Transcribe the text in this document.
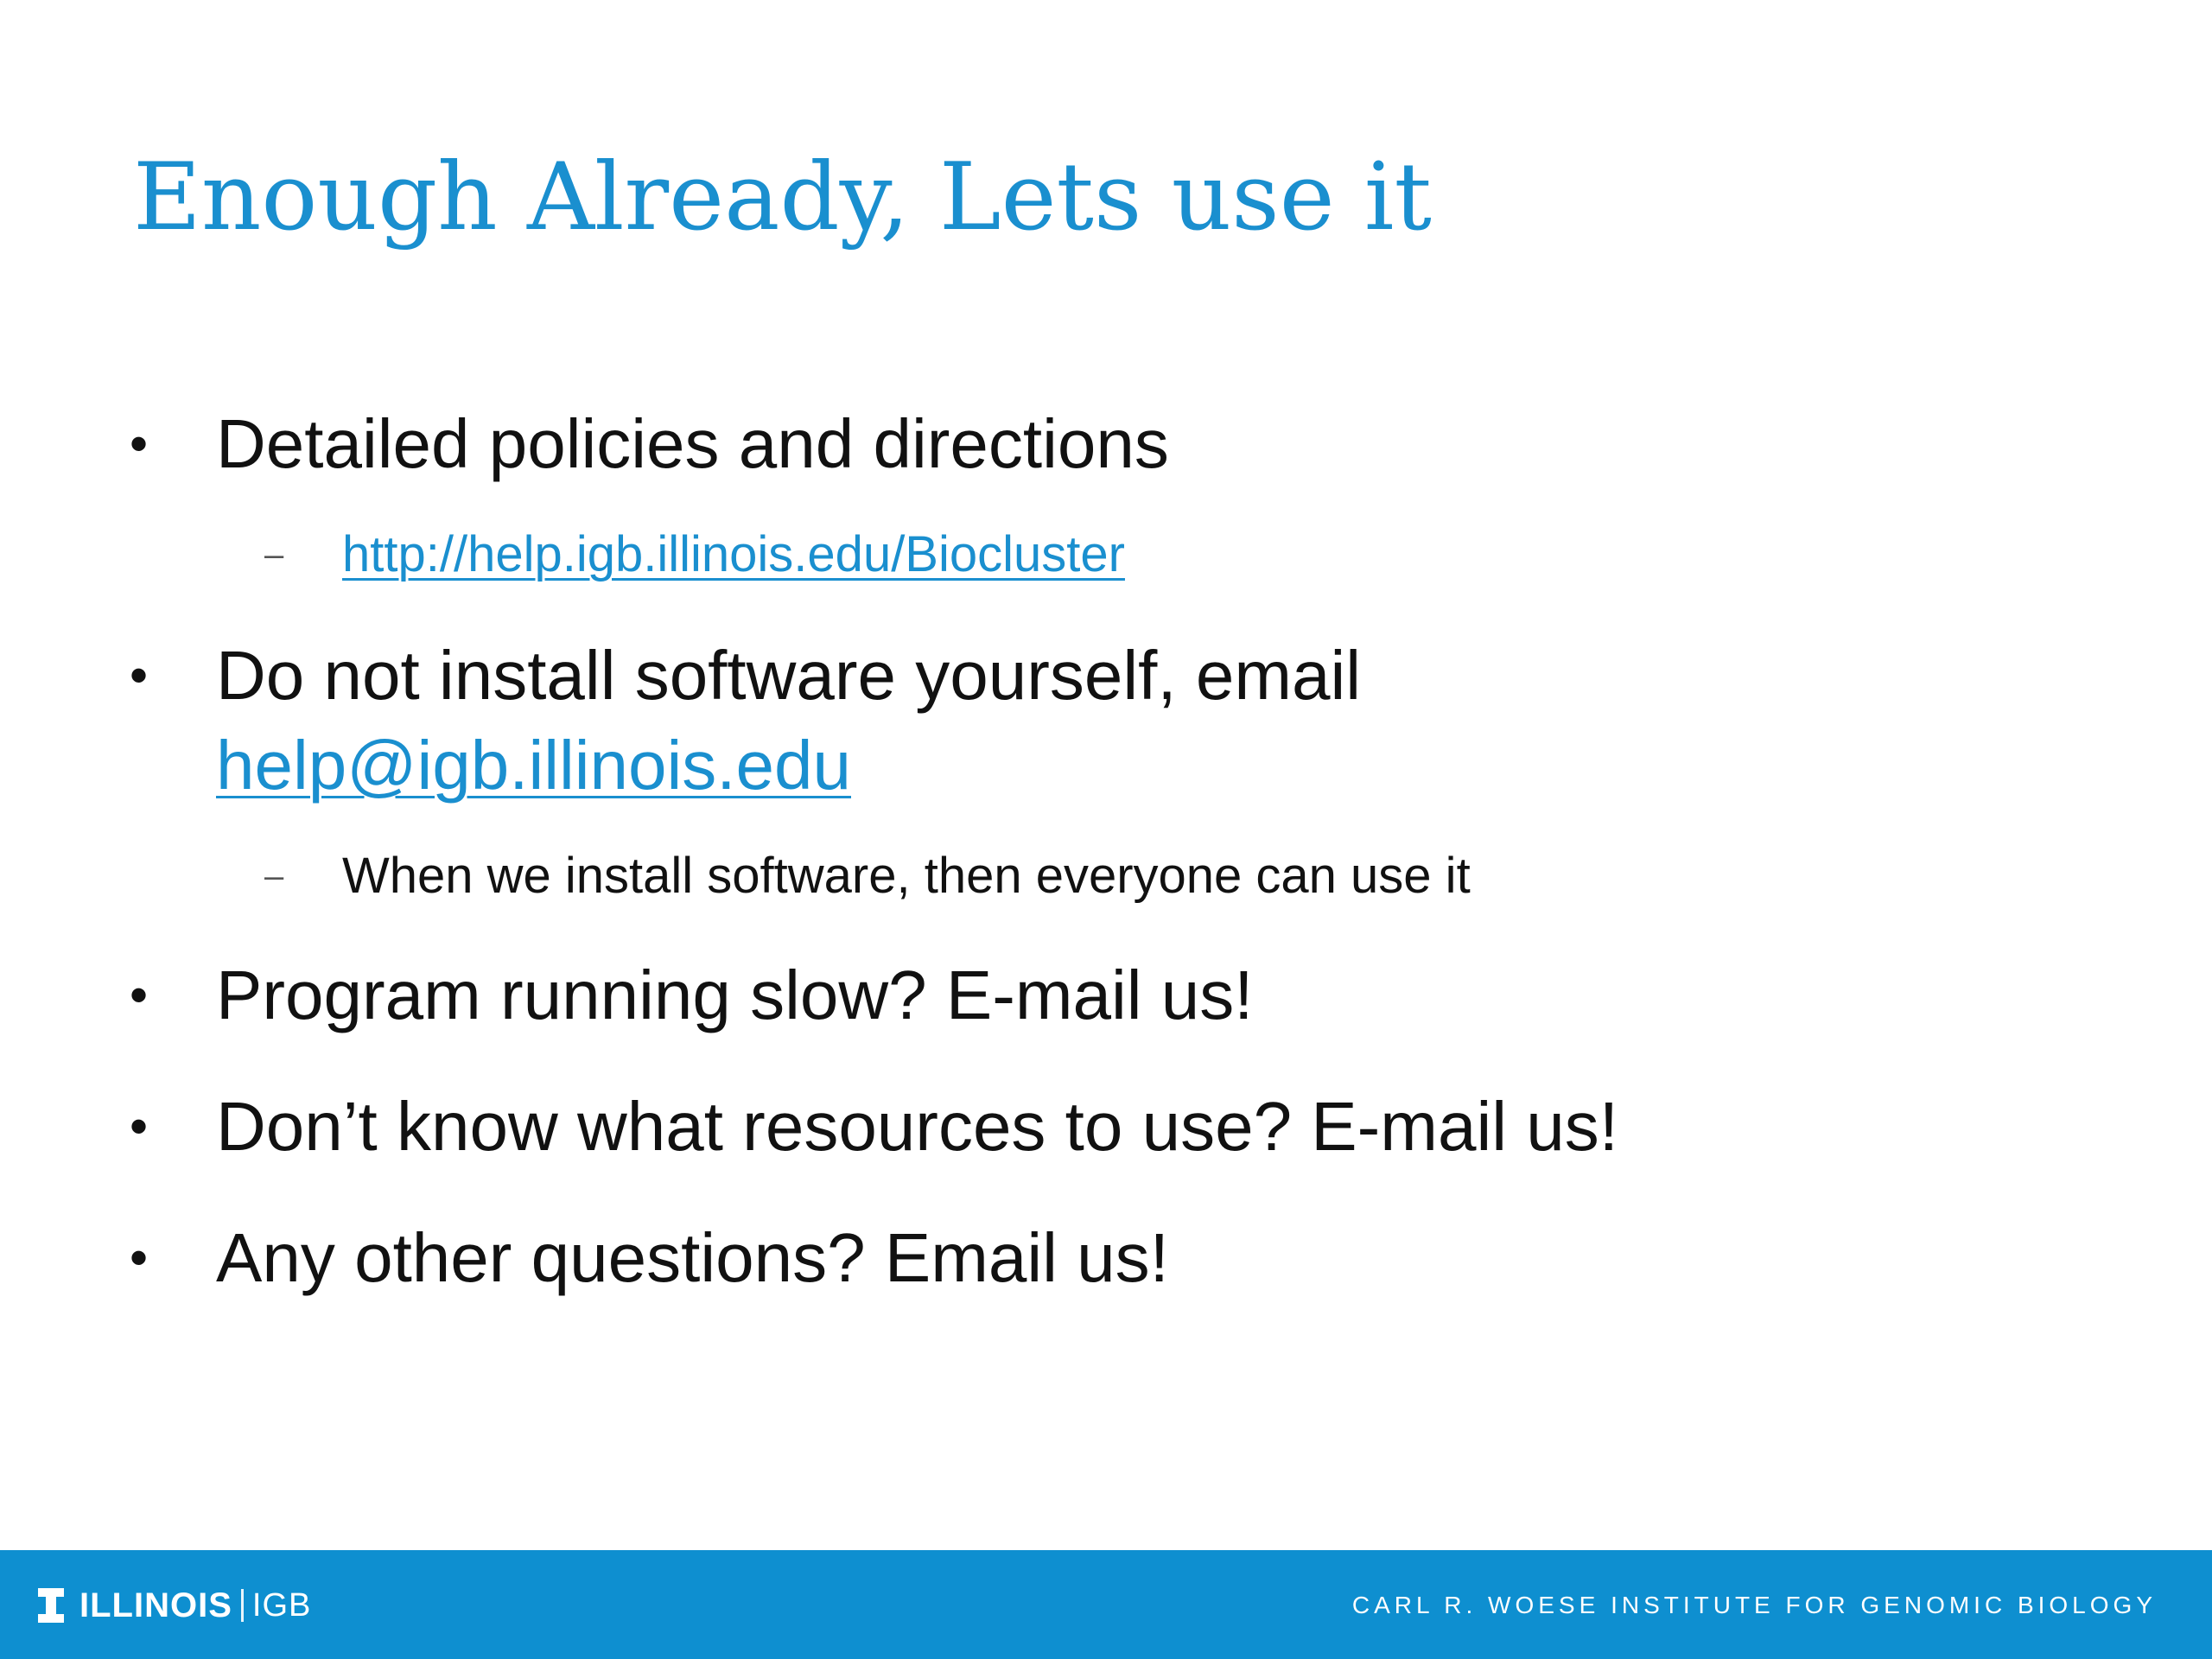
Enough Already, Lets use it
• Detailed policies and directions
– http://help.igb.illinois.edu/Biocluster
• Do not install software yourself, email
help@igb.illinois.edu
– When we install software, then everyone can use it
• Program running slow? E-mail us!
• Don’t know what resources to use? E-mail us!
• Any other questions? Email us!
ILLINOIS IGB	CARL R. WOESE INSTITUTE FOR GENOMIC BIOLOGY
